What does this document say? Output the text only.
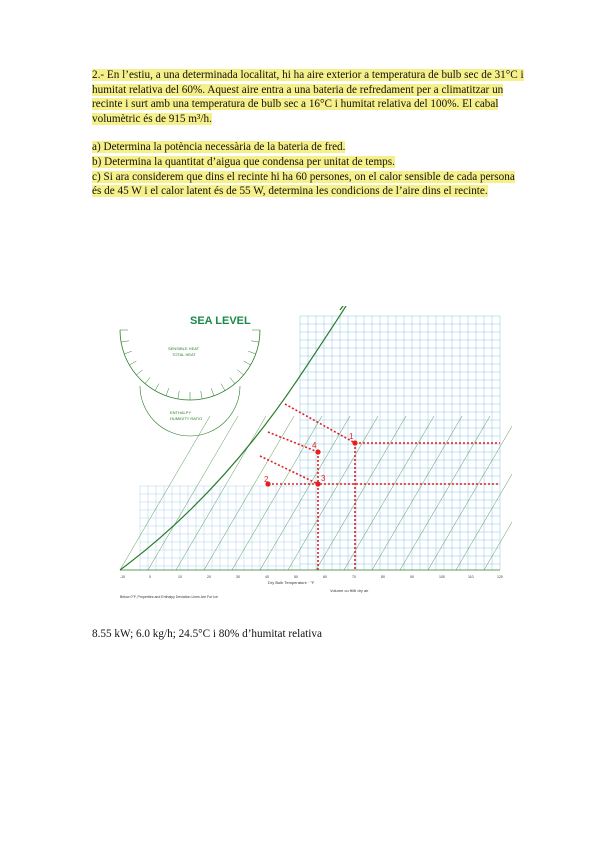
2.- En l’estiu, a una determinada localitat, hi ha aire exterior a temperatura de bulb sec de 31°C i humitat relativa del 60%. Aquest aire entra a una bateria de refredament per a climatitzar un recinte i surt amb una temperatura de bulb sec a 16°C i humitat relativa del 100%. El cabal volumètric és de 915 m³/h.

a) Determina la potència necessària de la bateria de fred.

b) Determina la quantitat d’aigua que condensa per unitat de temps.

c) Si ara considerem que dins el recinte hi ha 60 persones, on el calor sensible de cada persona és de 45 W i el calor latent és de 55 W, determina les condicions de l’aire dins el recinte.

SEA LEVEL
SENSIBLE HEAT
TOTAL HEAT
ENTHALPY
HUMIDITY RATIO
1
2	3
4
-10	0	10	20	30	40	50	60	70	80	90	100	110	120
Dry Bulb Temperature · °F
Volume cu ft/lb dry air
Below 0°F, Properties and Enthalpy Deviation Lines Are For Ice
8.55 kW; 6.0 kg/h; 24.5°C i 80% d’humitat relativa
